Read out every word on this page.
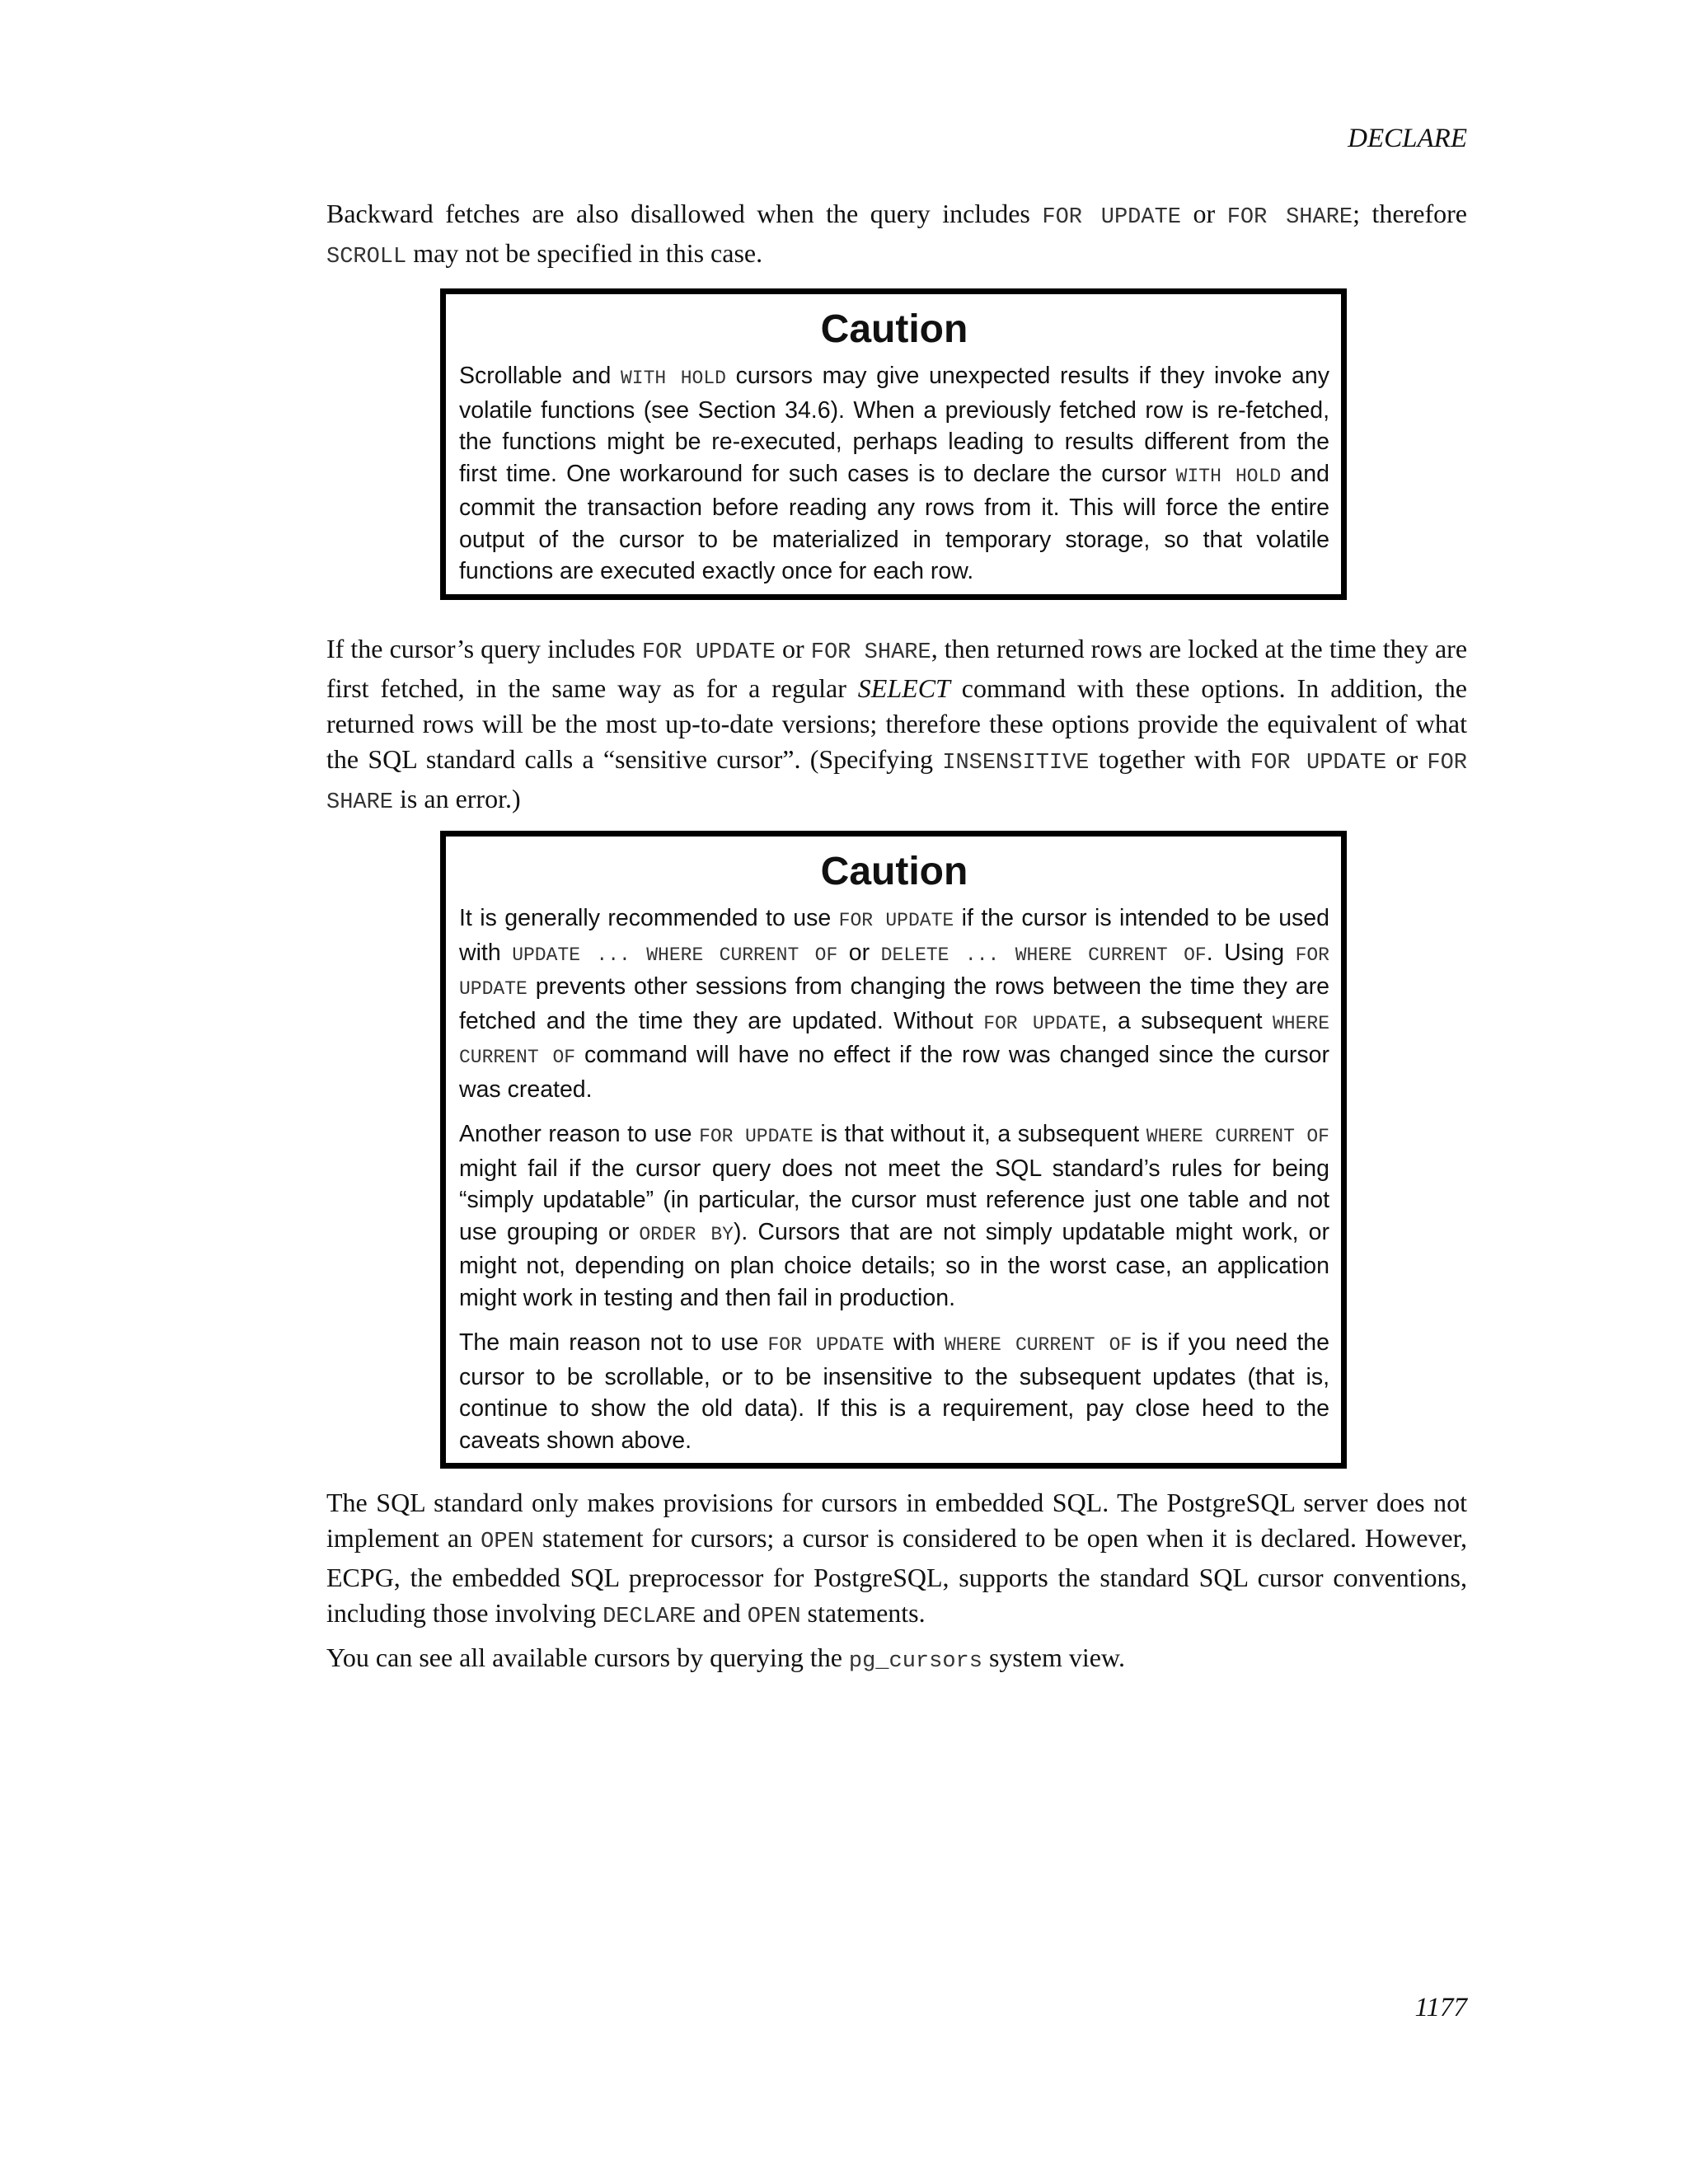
DECLARE

Backward fetches are also disallowed when the query includes FOR UPDATE or FOR SHARE; therefore SCROLL may not be specified in this case.

Caution

Scrollable and WITH HOLD cursors may give unexpected results if they invoke any volatile functions (see Section 34.6). When a previously fetched row is re-fetched, the functions might be re-executed, perhaps leading to results different from the first time. One workaround for such cases is to declare the cursor WITH HOLD and commit the transaction before reading any rows from it. This will force the entire output of the cursor to be materialized in temporary storage, so that volatile functions are executed exactly once for each row.

If the cursor’s query includes FOR UPDATE or FOR SHARE, then returned rows are locked at the time they are first fetched, in the same way as for a regular SELECT command with these options. In addition, the returned rows will be the most up-to-date versions; therefore these options provide the equivalent of what the SQL standard calls a “sensitive cursor”. (Specifying INSENSITIVE together with FOR UPDATE or FOR SHARE is an error.)

Caution

It is generally recommended to use FOR UPDATE if the cursor is intended to be used with UPDATE ... WHERE CURRENT OF or DELETE ... WHERE CURRENT OF. Using FOR UPDATE prevents other sessions from changing the rows between the time they are fetched and the time they are updated. Without FOR UPDATE, a subsequent WHERE CURRENT OF command will have no effect if the row was changed since the cursor was created.

Another reason to use FOR UPDATE is that without it, a subsequent WHERE CURRENT OF might fail if the cursor query does not meet the SQL standard’s rules for being “simply updatable” (in particular, the cursor must reference just one table and not use grouping or ORDER BY). Cursors that are not simply updatable might work, or might not, depending on plan choice details; so in the worst case, an application might work in testing and then fail in production.

The main reason not to use FOR UPDATE with WHERE CURRENT OF is if you need the cursor to be scrollable, or to be insensitive to the subsequent updates (that is, continue to show the old data). If this is a requirement, pay close heed to the caveats shown above.

The SQL standard only makes provisions for cursors in embedded SQL. The PostgreSQL server does not implement an OPEN statement for cursors; a cursor is considered to be open when it is declared. However, ECPG, the embedded SQL preprocessor for PostgreSQL, supports the standard SQL cursor conventions, including those involving DECLARE and OPEN statements.

You can see all available cursors by querying the pg_cursors system view.

1177
